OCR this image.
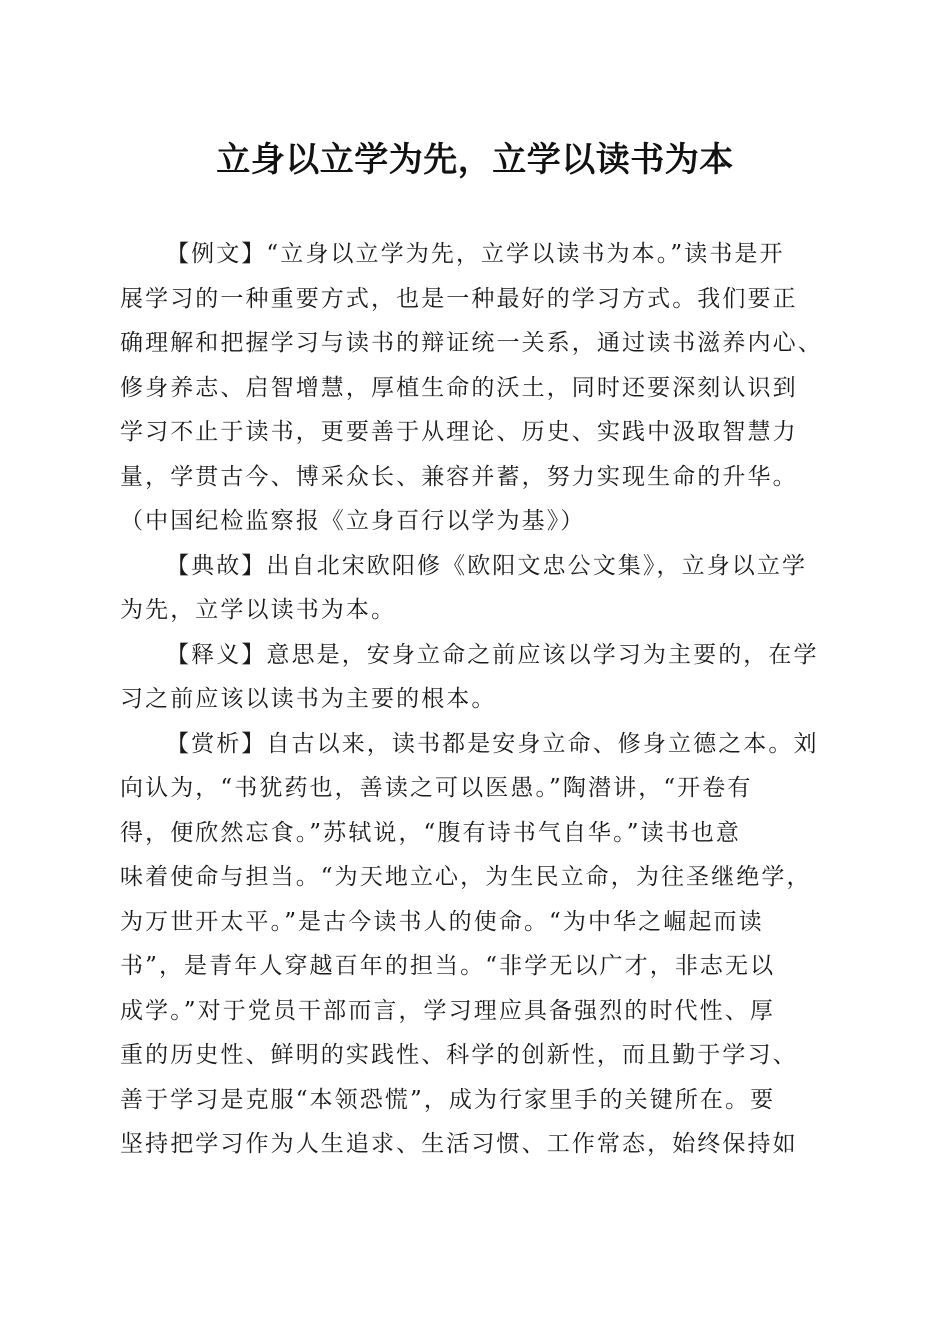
立身以立学为先，立学以读书为本

【例文】“立身以立学为先，立学以读书为本。”读书是开

展学习的一种重要方式，也是一种最好的学习方式。我们要正

确理解和把握学习与读书的辩证统一关系，通过读书滋养内心、

修身养志、启智增慧，厚植生命的沃土，同时还要深刻认识到

学习不止于读书，更要善于从理论、历史、实践中汲取智慧力

量，学贯古今、博采众长、兼容并蓄，努力实现生命的升华。

（中国纪检监察报《立身百行以学为基》）

【典故】出自北宋欧阳修《欧阳文忠公文集》，立身以立学

为先，立学以读书为本。

【释义】意思是，安身立命之前应该以学习为主要的，在学

习之前应该以读书为主要的根本。

【赏析】自古以来，读书都是安身立命、修身立德之本。刘

向认为，“书犹药也，善读之可以医愚。”陶潜讲，“开卷有

得，便欣然忘食。”苏轼说，“腹有诗书气自华。”读书也意

味着使命与担当。“为天地立心，为生民立命，为往圣继绝学，

为万世开太平。”是古今读书人的使命。“为中华之崛起而读

书”，是青年人穿越百年的担当。“非学无以广才，非志无以

成学。”对于党员干部而言，学习理应具备强烈的时代性、厚

重的历史性、鲜明的实践性、科学的创新性，而且勤于学习、

善于学习是克服“本领恐慌”，成为行家里手的关键所在。要

坚持把学习作为人生追求、生活习惯、工作常态，始终保持如
